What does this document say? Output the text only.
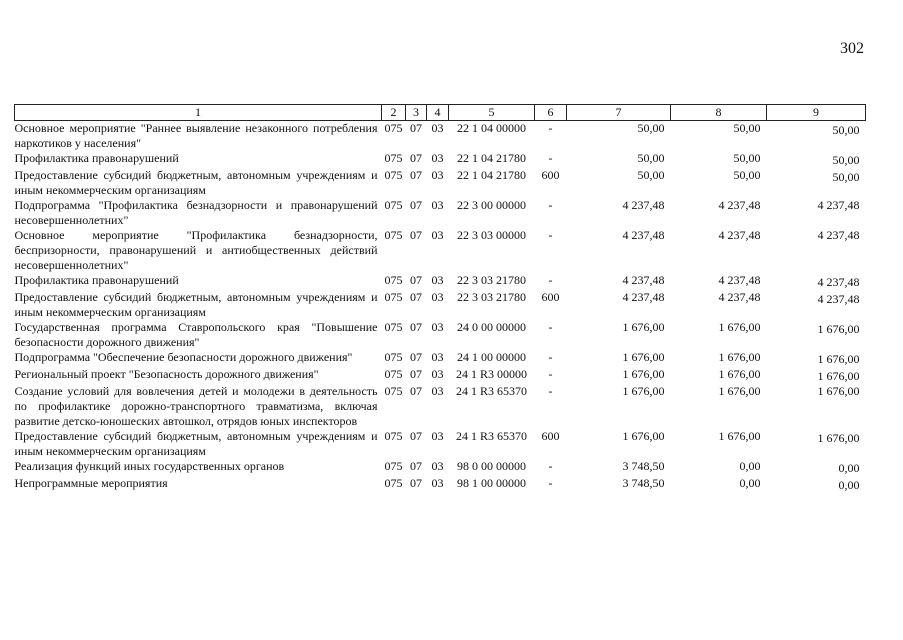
302
1	2	3	4	5	6	7	8	9
Основное мероприятие "Раннее выявление незаконного потребления наркотиков у населения"	075	07	03	22 1 04 00000	-	50,00	50,00	50,00
Профилактика правонарушений	075	07	03	22 1 04 21780	-	50,00	50,00	50,00
Предоставление субсидий бюджетным, автономным учреждениям и иным некоммерческим организациям	075	07	03	22 1 04 21780	600	50,00	50,00	50,00
Подпрограмма "Профилактика безнадзорности и правонарушений несовершеннолетних"	075	07	03	22 3 00 00000	-	4 237,48	4 237,48	4 237,48
Основное мероприятие "Профилактика безнадзорности, беспризорности, правонарушений и антиобщественных действий несовершеннолетних"	075	07	03	22 3 03 00000	-	4 237,48	4 237,48	4 237,48
Профилактика правонарушений	075	07	03	22 3 03 21780	-	4 237,48	4 237,48	4 237,48
Предоставление субсидий бюджетным, автономным учреждениям и иным некоммерческим организациям	075	07	03	22 3 03 21780	600	4 237,48	4 237,48	4 237,48
Государственная программа Ставропольского края "Повышение безопасности дорожного движения"	075	07	03	24 0 00 00000	-	1 676,00	1 676,00	1 676,00
Подпрограмма "Обеспечение безопасности дорожного движения"	075	07	03	24 1 00 00000	-	1 676,00	1 676,00	1 676,00
Региональный проект "Безопасность дорожного движения"	075	07	03	24 1 R3 00000	-	1 676,00	1 676,00	1 676,00
Создание условий для вовлечения детей и молодежи в деятельность по профилактике дорожно-транспортного травматизма, включая развитие детско-юношеских автошкол, отрядов юных инспекторов	075	07	03	24 1 R3 65370	-	1 676,00	1 676,00	1 676,00
Предоставление субсидий бюджетным, автономным учреждениям и иным некоммерческим организациям	075	07	03	24 1 R3 65370	600	1 676,00	1 676,00	1 676,00
Реализация функций иных государственных органов	075	07	03	98 0 00 00000	-	3 748,50	0,00	0,00
Непрограммные мероприятия	075	07	03	98 1 00 00000	-	3 748,50	0,00	0,00
